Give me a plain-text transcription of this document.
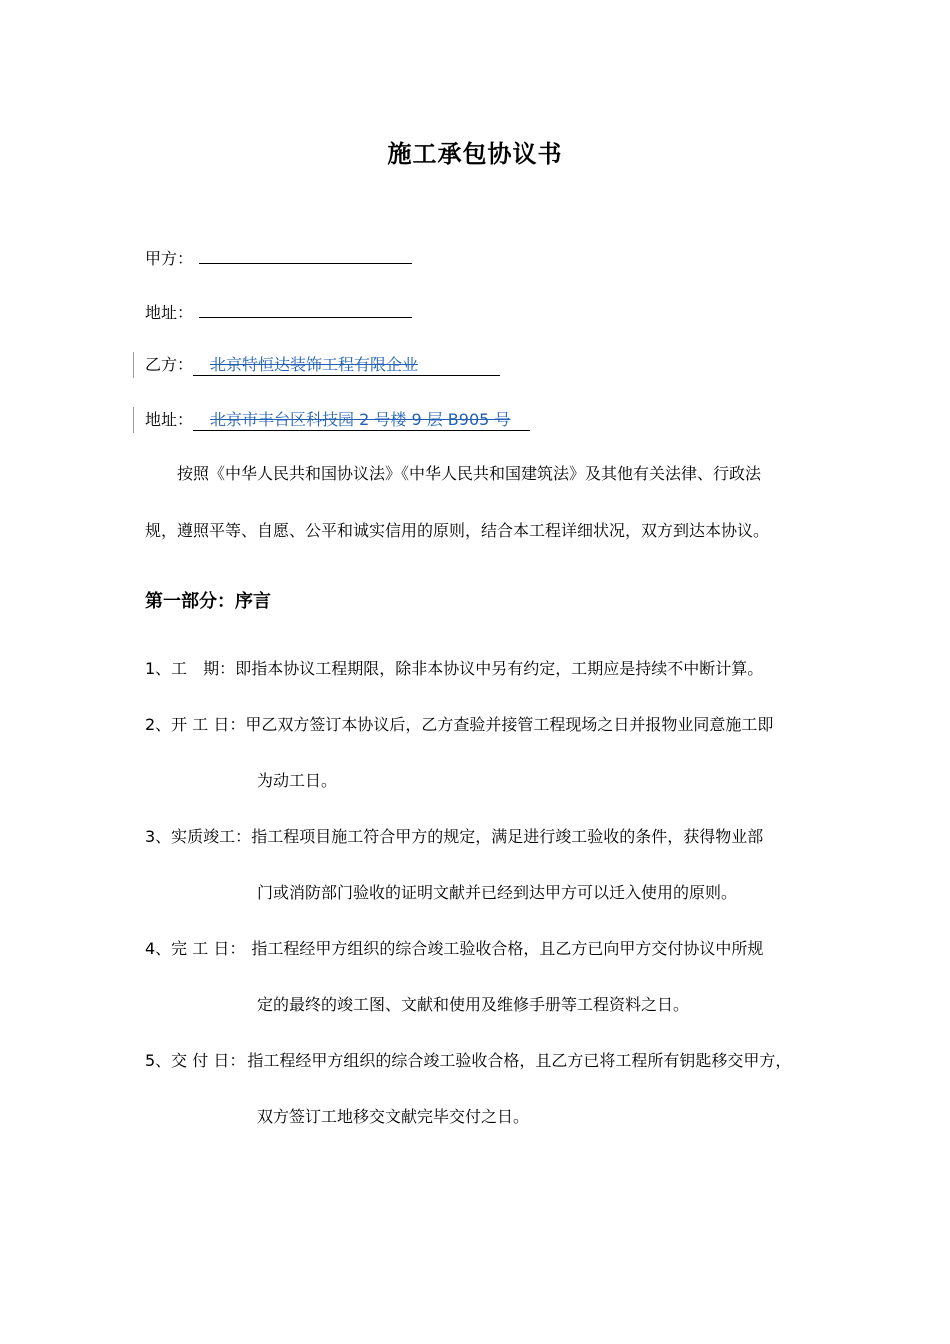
施工承包协议书
甲方：
地址：
乙方： 北京特恒达装饰工程有限企业
地址： 北京市丰台区科技园 2 号楼 9 层 B905 号
按照《中华人民共和国协议法》《中华人民共和国建筑法》及其他有关法律、行政法
规，遵照平等、自愿、公平和诚实信用的原则，结合本工程详细状况，双方到达本协议。
第一部分：序言
1、工　期：即指本协议工程期限，除非本协议中另有约定，工期应是持续不中断计算。
2、开 工 日：甲乙双方签订本协议后，乙方查验并接管工程现场之日并报物业同意施工即
为动工日。
3、实质竣工：指工程项目施工符合甲方的规定，满足进行竣工验收的条件，获得物业部
门或消防部门验收的证明文献并已经到达甲方可以迁入使用的原则。
4、完 工 日： 指工程经甲方组织的综合竣工验收合格，且乙方已向甲方交付协议中所规
定的最终的竣工图、文献和使用及维修手册等工程资料之日。
5、交 付 日： 指工程经甲方组织的综合竣工验收合格，且乙方已将工程所有钥匙移交甲方，
双方签订工地移交文献完毕交付之日。
